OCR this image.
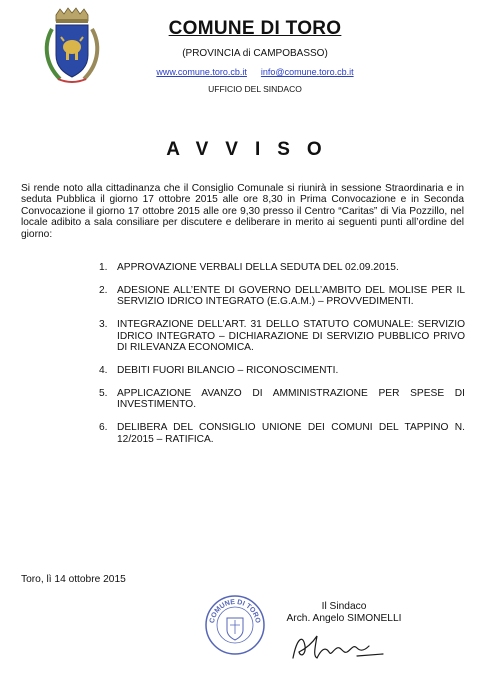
COMUNE DI TORO
(PROVINCIA di CAMPOBASSO)
www.comune.toro.cb.it info@comune.toro.cb.it
UFFICIO DEL SINDACO
AVVISO

Si rende noto alla cittadinanza che il Consiglio Comunale si riunirà in sessione Straordinaria e in seduta Pubblica il giorno 17 ottobre 2015 alle ore 8,30 in Prima Convocazione e in Seconda Convocazione il giorno 17 ottobre 2015 alle ore 9,30 presso il Centro “Caritas” di Via Pozzillo, nel locale adibito a sala consiliare per discutere e deliberare in merito ai seguenti punti all’ordine del giorno:

1. APPROVAZIONE VERBALI DELLA SEDUTA DEL 02.09.2015.
2. ADESIONE ALL’ENTE DI GOVERNO DELL’AMBITO DEL MOLISE PER IL SERVIZIO IDRICO INTEGRATO (E.G.A.M.) – PROVVEDIMENTI.
3. INTEGRAZIONE DELL’ART. 31 DELLO STATUTO COMUNALE: SERVIZIO IDRICO INTEGRATO – DICHIARAZIONE DI SERVIZIO PUBBLICO PRIVO DI RILEVANZA ECONOMICA.
4. DEBITI FUORI BILANCIO – RICONOSCIMENTI.
5. APPLICAZIONE AVANZO DI AMMINISTRAZIONE PER SPESE DI INVESTIMENTO.
6. DELIBERA DEL CONSIGLIO UNIONE DEI COMUNI DEL TAPPINO N. 12/2015 – RATIFICA.
Toro, lì 14 ottobre 2015
COMUNE DI TORO
Il Sindaco
Arch. Angelo SIMONELLI
